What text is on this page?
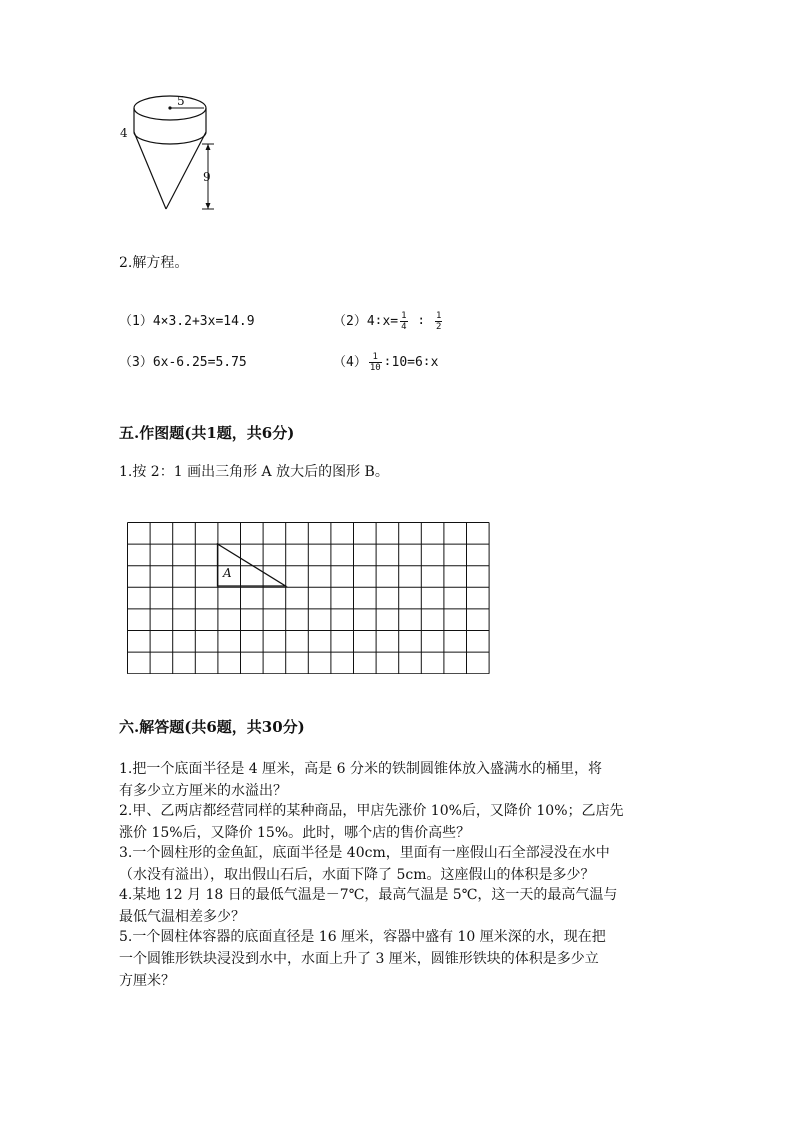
5
4
9
2.解方程。
（1）4×3.2+3x=14.9	（2）4∶x= $\frac{1}{4}$ ∶ $\frac{1}{2}$
（3）6x-6.25=5.75	$(4) \frac{1}{10}$ ∶10=6∶x
五.作图题(共1题，共6分)
1.按 2：1 画出三角形 A 放大后的图形 B。
A
六.解答题(共6题，共30分)
1.把一个底面半径是 4 厘米，高是 6 分米的铁制圆锥体放入盛满水的桶里，将
有多少立方厘米的水溢出？
2.甲、乙两店都经营同样的某种商品，甲店先涨价 10%后，又降价 10%；乙店先
涨价 15%后，又降价 15%。此时，哪个店的售价高些？
3.一个圆柱形的金鱼缸，底面半径是 40cm，里面有一座假山石全部浸没在水中
（水没有溢出），取出假山石后，水面下降了 5cm。这座假山的体积是多少？
4.某地 12 月 18 日的最低气温是－7℃，最高气温是 5℃，这一天的最高气温与
最低气温相差多少？
5.一个圆柱体容器的底面直径是 16 厘米，容器中盛有 10 厘米深的水，现在把
一个圆锥形铁块浸没到水中，水面上升了 3 厘米，圆锥形铁块的体积是多少立
方厘米？
